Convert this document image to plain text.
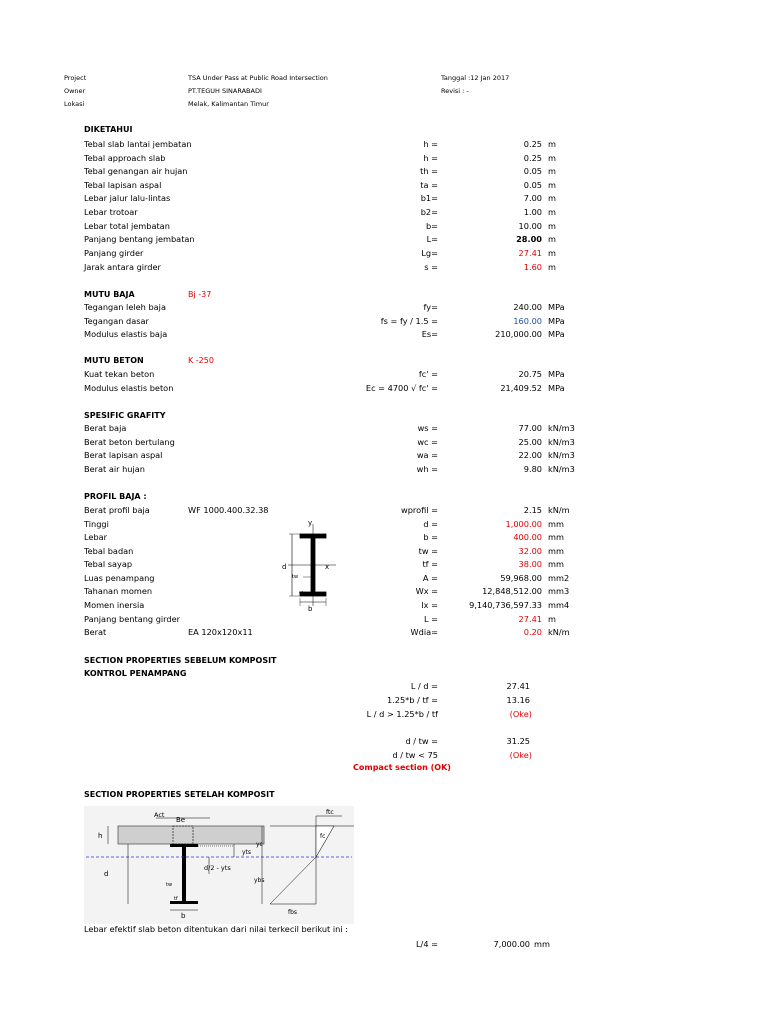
Project	TSA Under Pass at Public Road Intersection	Tanggal :12 Jan 2017
Owner	PT.TEGUH SINARABADI	Revisi : -
Lokasi	Melak, Kalimantan Timur
DIKETAHUI
Tebal slab lantai jembatan	h =	0.25 m
Tebal approach slab	h =	0.25 m
Tebal genangan air hujan	th =	0.05 m
Tebal lapisan aspal	ta =	0.05 m
Lebar jalur lalu-lintas	b1=	7.00 m
Lebar trotoar	b2=	1.00 m
Lebar total jembatan	b=	10.00 m
Panjang bentang jembatan	L=	28.00 m
Panjang girder	Lg=	27.41 m
Jarak antara girder	s =	1.60 m
MUTU BAJA	Bj -37
Tegangan leleh baja	fy=	240.00 MPa
Tegangan dasar	fs = fy / 1.5 =	160.00 MPa
Modulus elastis baja	Es=	210,000.00 MPa
MUTU BETON	K -250
Kuat tekan beton	fc' =	20.75 MPa
Modulus elastis beton	Ec = 4700 √ fc' =	21,409.52 MPa
SPESIFIC GRAFITY
Berat baja	ws =	77.00 kN/m3
Berat beton bertulang	wc =	25.00 kN/m3
Berat lapisan aspal	wa =	22.00 kN/m3
Berat air hujan	wh =	9.80 kN/m3
PROFIL BAJA :
Berat profil baja	WF 1000.400.32.38	wprofil =	2.15 kN/m
Tinggi	d =	1,000.00 mm
Lebar	b =	400.00 mm
Tebal badan	tw =	32.00 mm
Tebal sayap	tf =	38.00 mm
Luas penampang	A =	59,968.00 mm2
Tahanan momen	Wx =	12,848,512.00 mm3
Momen inersia	Ix =	9,140,736,597.33 mm4
Panjang bentang girder	L =	27.41 m
Berat	EA 120x120x11	Wdia=	0.20 kN/m
y
x
d
tw
tf
b
SECTION PROPERTIES SEBELUM KOMPOSIT
KONTROL PENAMPANG
L / d =	27.41
1.25*b / tf =	13.16
L / d > 1.25*b / tf	(Oke)
d / tw =	31.25
d / tw < 75	(Oke)
Compact section (OK)
SECTION PROPERTIES SETELAH KOMPOSIT
Act
Be
h
yc
yts
d/2 - yts
d
ybs
tw
tf
b
ftc
fc
fbs
Lebar efektif slab beton ditentukan dari nilai terkecil berikut ini :
L/4 =	7,000.00 mm
